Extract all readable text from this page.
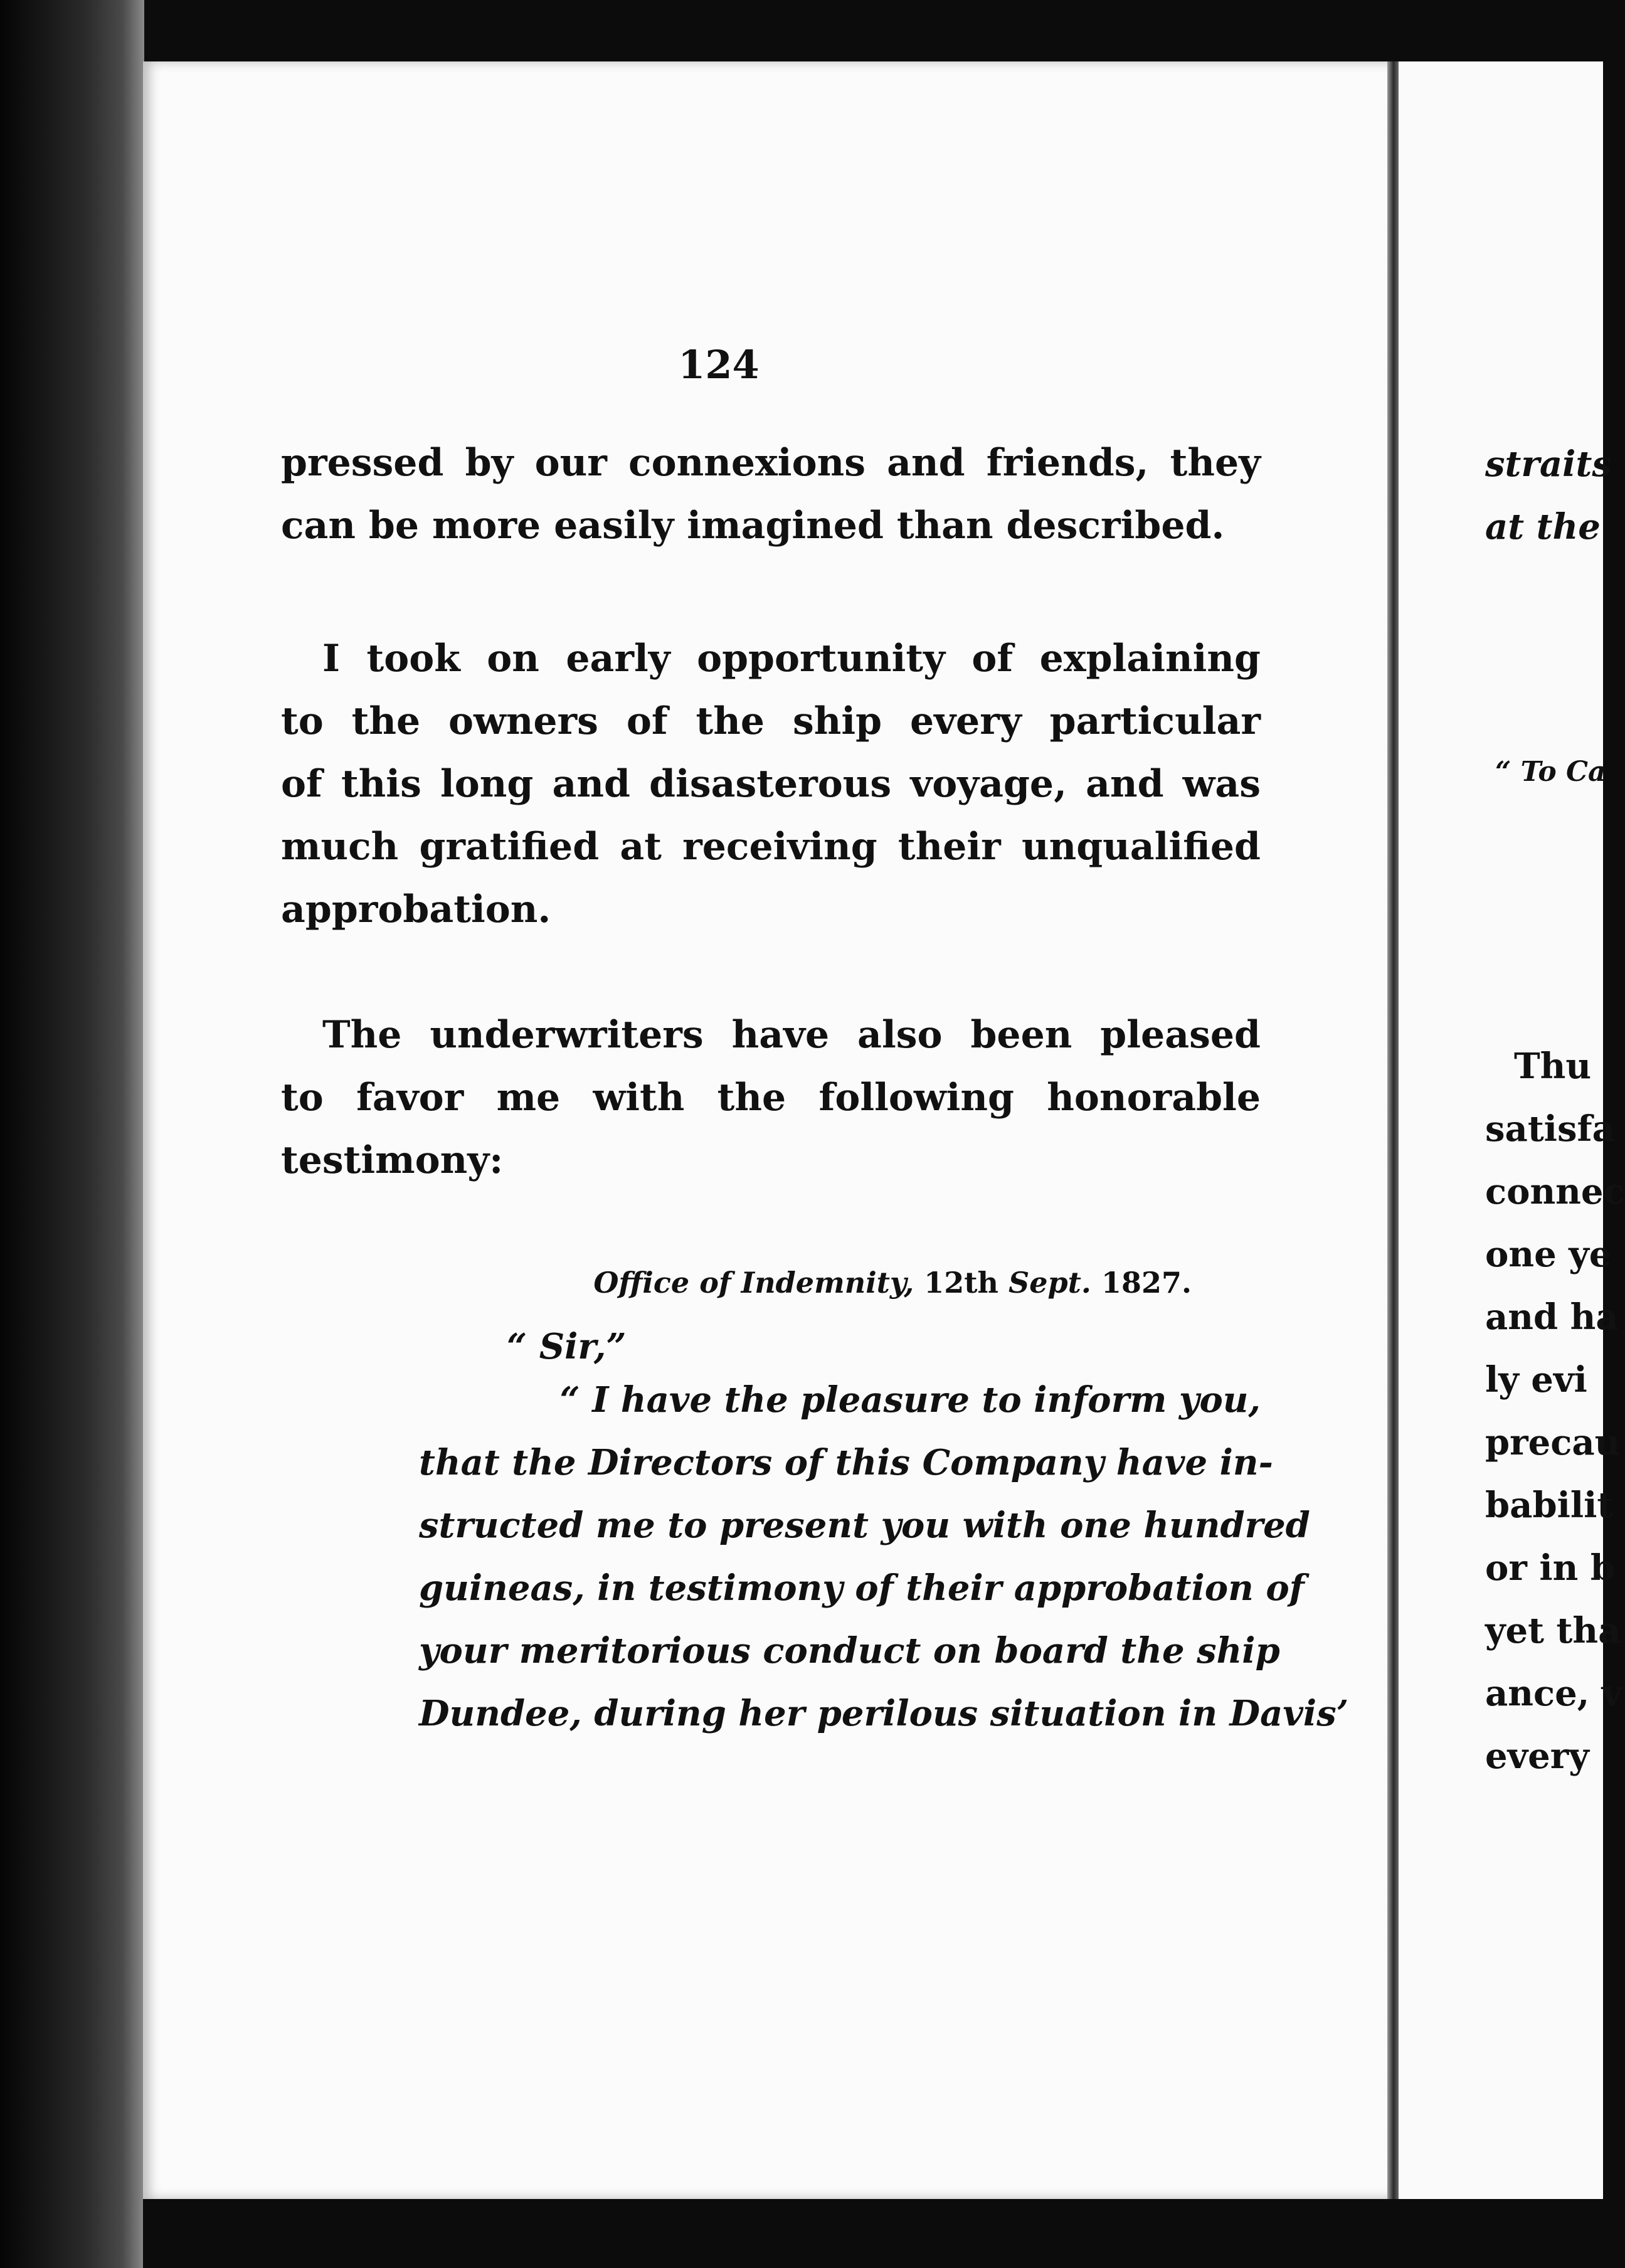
124
pressed by our connexions and friends, they
can be more easily imagined than described.
I took on early opportunity of explaining
to the owners of the ship every particular
of this long and disasterous voyage, and was
much gratified at receiving their unqualified
approbation.
The underwriters have also been pleased
to favor me with the following honorable
testimony:
Office of Indemnity, 12th Sept. 1827.
“ Sir,”
“ I have the pleasure to inform you,
that the Directors of this Company have in-
structed me to present you with one hundred
guineas, in testimony of their approbation of
your meritorious conduct on board the ship
Dundee, during her perilous situation in Davis’
straits
at the
“ To Ca
Thu
satisfa
connec
one ye
and ha
ly evi
precau
babilit
or in b
yet tha
ance, v
every
